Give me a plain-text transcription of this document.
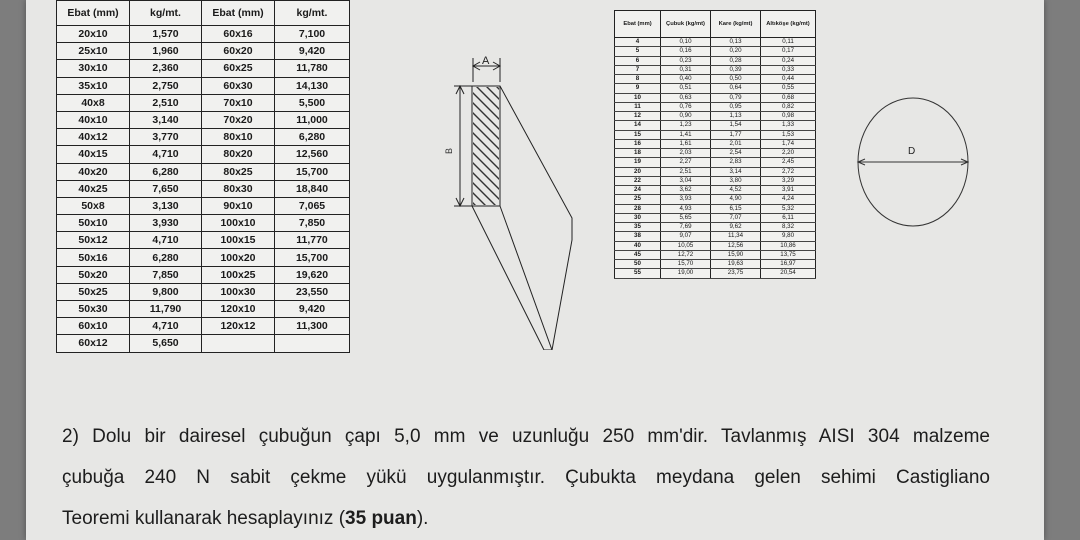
Ebat (mm)	kg/mt.	Ebat (mm)	kg/mt.
20x10	1,570	60x16	7,100
25x10	1,960	60x20	9,420
30x10	2,360	60x25	11,780
35x10	2,750	60x30	14,130
40x8	2,510	70x10	5,500
40x10	3,140	70x20	11,000
40x12	3,770	80x10	6,280
40x15	4,710	80x20	12,560
40x20	6,280	80x25	15,700
40x25	7,650	80x30	18,840
50x8	3,130	90x10	7,065
50x10	3,930	100x10	7,850
50x12	4,710	100x15	11,770
50x16	6,280	100x20	15,700
50x20	7,850	100x25	19,620
50x25	9,800	100x30	23,550
50x30	11,790	120x10	9,420
60x10	4,710	120x12	11,300
60x12	5,650		
A
B
Ebat (mm)	Çubuk (kg/mt)	Kare (kg/mt)	Altıköşe (kg/mt)
4	0,10	0,13	0,11
5	0,16	0,20	0,17
6	0,23	0,28	0,24
7	0,31	0,39	0,33
8	0,40	0,50	0,44
9	0,51	0,64	0,55
10	0,63	0,79	0,68
11	0,76	0,95	0,82
12	0,90	1,13	0,98
14	1,23	1,54	1,33
15	1,41	1,77	1,53
16	1,61	2,01	1,74
18	2,03	2,54	2,20
19	2,27	2,83	2,45
20	2,51	3,14	2,72
22	3,04	3,80	3,29
24	3,62	4,52	3,91
25	3,93	4,90	4,24
28	4,93	6,15	5,32
30	5,65	7,07	6,11
35	7,69	9,62	8,32
38	9,07	11,34	9,80
40	10,05	12,56	10,86
45	12,72	15,90	13,75
50	15,70	19,63	16,97
55	19,00	23,75	20,54
D
2) Dolu bir dairesel çubuğun çapı 5,0 mm ve uzunluğu 250 mm'dir. Tavlanmış AISI 304 malzeme
çubuğa 240 N sabit çekme yükü uygulanmıştır. Çubukta meydana gelen sehimi Castigliano
Teoremi kullanarak hesaplayınız (35 puan).
